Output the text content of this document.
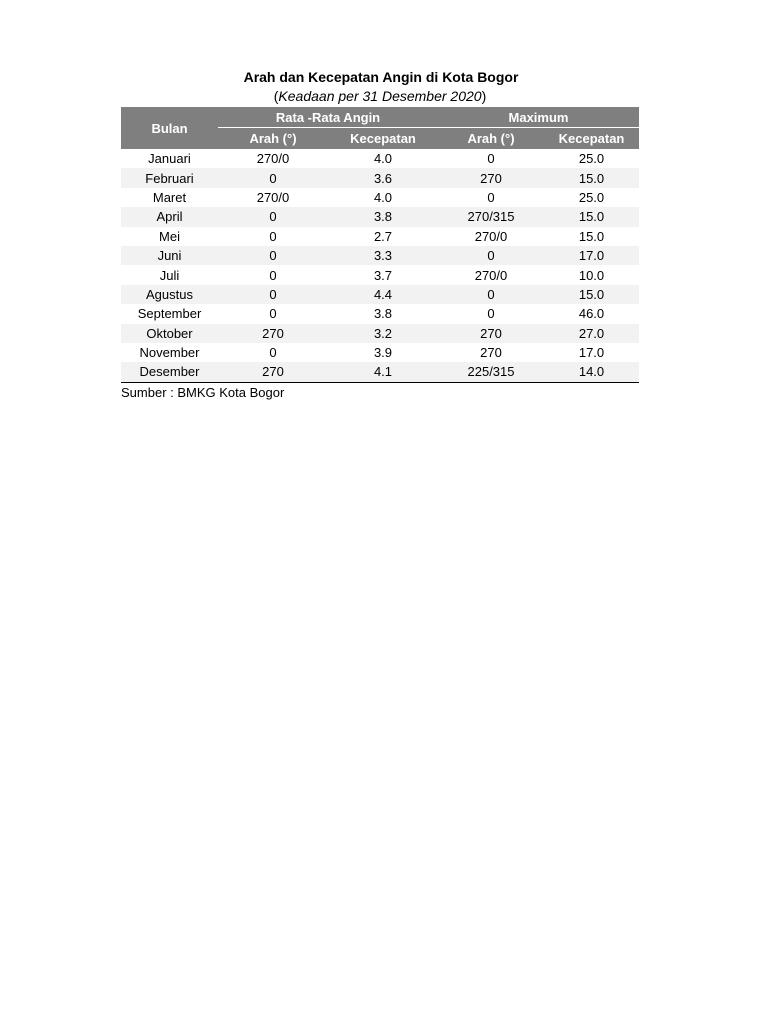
Arah dan Kecepatan Angin di Kota Bogor
(Keadaan per 31 Desember 2020)
Bulan	Rata -Rata Angin		Maximum	
	Arah (°)	Kecepatan	Arah (°)	Kecepatan
Januari	270/0	4.0	0	25.0
Februari	0	3.6	270	15.0
Maret	270/0	4.0	0	25.0
April	0	3.8	270/315	15.0
Mei	0	2.7	270/0	15.0
Juni	0	3.3	0	17.0
Juli	0	3.7	270/0	10.0
Agustus	0	4.4	0	15.0
September	0	3.8	0	46.0
Oktober	270	3.2	270	27.0
November	0	3.9	270	17.0
Desember	270	4.1	225/315	14.0
Sumber : BMKG Kota Bogor
